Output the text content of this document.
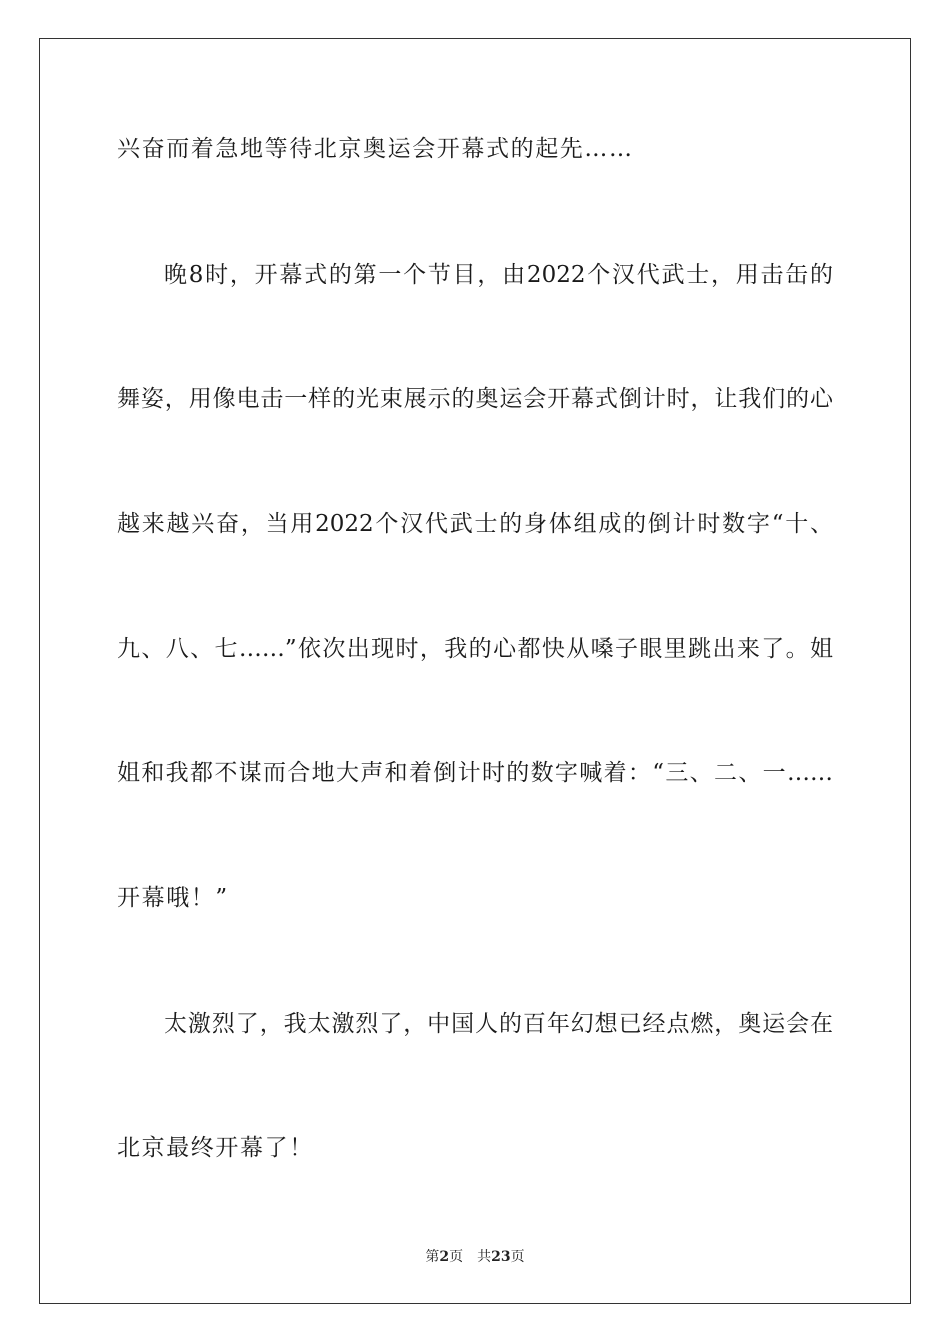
兴奋而着急地等待北京奥运会开幕式的起先……
晚8时，开幕式的第一个节目，由2022个汉代武士，用击缶的
舞姿，用像电击一样的光束展示的奥运会开幕式倒计时，让我们的心
越来越兴奋，当用2022个汉代武士的身体组成的倒计时数字“十、
九、八、七……”依次出现时，我的心都快从嗓子眼里跳出来了。姐
姐和我都不谋而合地大声和着倒计时的数字喊着：“三、二、一……
开幕哦！”
太激烈了，我太激烈了，中国人的百年幻想已经点燃，奥运会在
北京最终开幕了！
第2页 共23页
